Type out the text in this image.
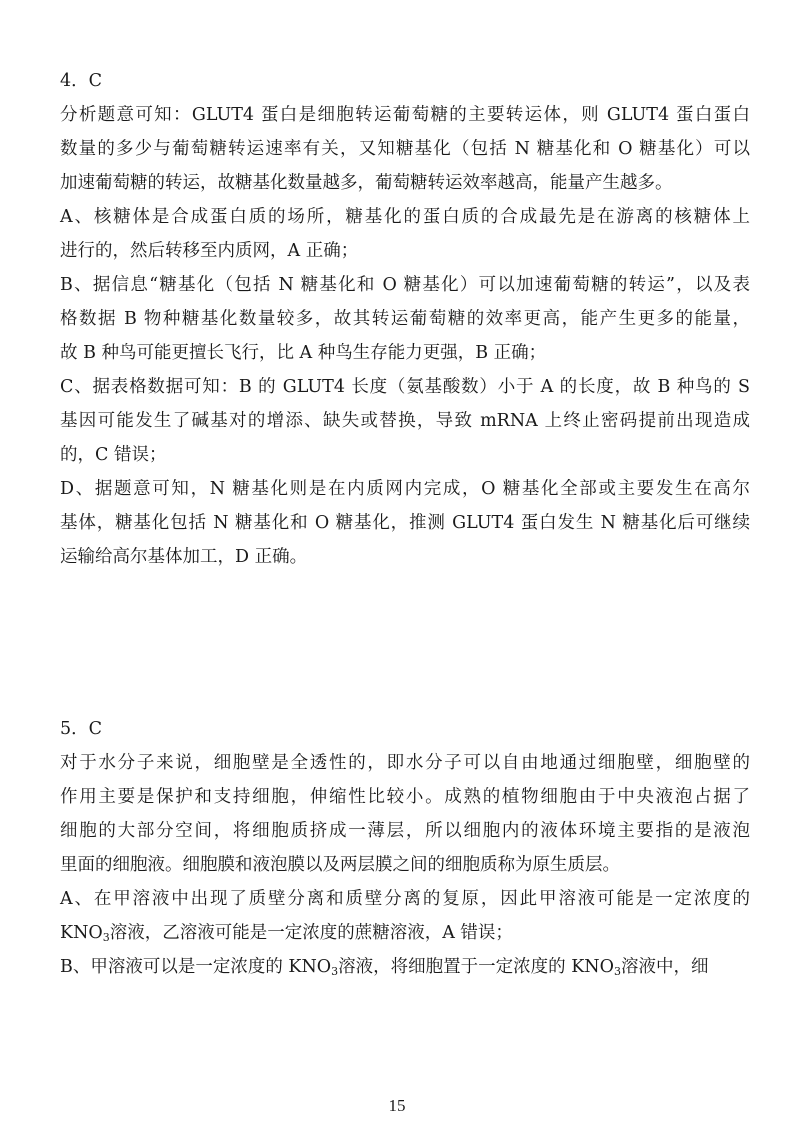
4．C
分析题意可知：GLUT4 蛋白是细胞转运葡萄糖的主要转运体，则 GLUT4 蛋白蛋白
数量的多少与葡萄糖转运速率有关，又知糖基化（包括 N 糖基化和 O 糖基化）可以
加速葡萄糖的转运，故糖基化数量越多，葡萄糖转运效率越高，能量产生越多。
A、核糖体是合成蛋白质的场所，糖基化的蛋白质的合成最先是在游离的核糖体上
进行的，然后转移至内质网，A 正确；
B、据信息“糖基化（包括 N 糖基化和 O 糖基化）可以加速葡萄糖的转运”，以及表
格数据 B 物种糖基化数量较多，故其转运葡萄糖的效率更高，能产生更多的能量，
故 B 种鸟可能更擅长飞行，比 A 种鸟生存能力更强，B 正确；
C、据表格数据可知：B 的 GLUT4 长度（氨基酸数）小于 A 的长度，故 B 种鸟的 S
基因可能发生了碱基对的增添、缺失或替换，导致 mRNA 上终止密码提前出现造成
的，C 错误；
D、据题意可知，N 糖基化则是在内质网内完成，O 糖基化全部或主要发生在高尔
基体，糖基化包括 N 糖基化和 O 糖基化，推测 GLUT4 蛋白发生 N 糖基化后可继续
运输给高尔基体加工，D 正确。
5．C
对于水分子来说，细胞壁是全透性的，即水分子可以自由地通过细胞壁，细胞壁的
作用主要是保护和支持细胞，伸缩性比较小。成熟的植物细胞由于中央液泡占据了
细胞的大部分空间，将细胞质挤成一薄层，所以细胞内的液体环境主要指的是液泡
里面的细胞液。细胞膜和液泡膜以及两层膜之间的细胞质称为原生质层。
A、在甲溶液中出现了质壁分离和质壁分离的复原，因此甲溶液可能是一定浓度的
$KNO_3$溶液，乙溶液可能是一定浓度的蔗糖溶液，A 错误；
B、甲溶液可以是一定浓度的 $KNO_3$溶液，将细胞置于一定浓度的 $KNO_3$溶液中，细
15
